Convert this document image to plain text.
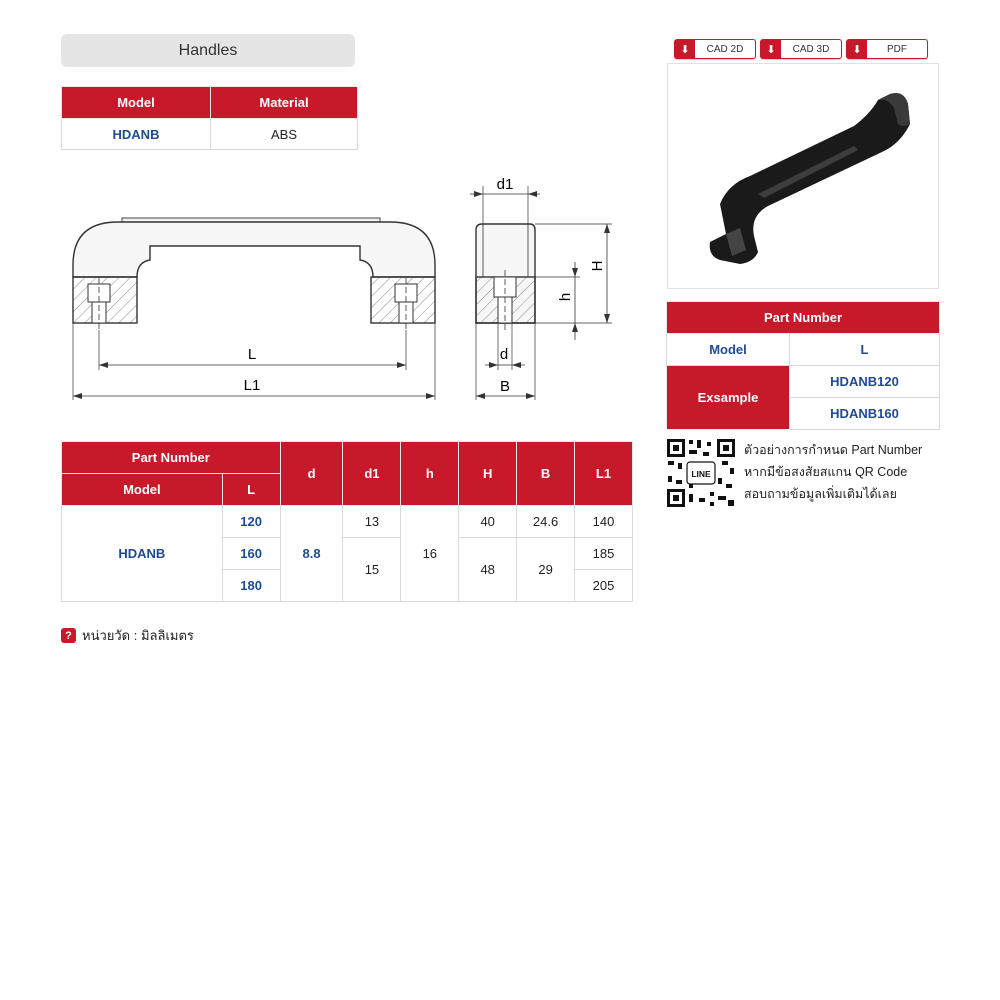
Handles
Model	Material
HDANB	ABS
L
L1
d1
H
h
d
B
⬇	CAD 2D	⬇	CAD 3D	⬇	PDF
Part Number	
Model	L
Exsample	HDANB120
	HDANB160
LINE
ตัวอย่างการกำหนด Part Number
หากมีข้อสงสัยสแกน QR Code
สอบถามข้อมูลเพิ่มเติมได้เลย
Part Number		d	d1	h	H	B	L1
Model	L						
HDANB	120	8.8	13	16	40	24.6	140
	160		15		48	29	185
	180						205
? หน่วยวัด : มิลลิเมตร
